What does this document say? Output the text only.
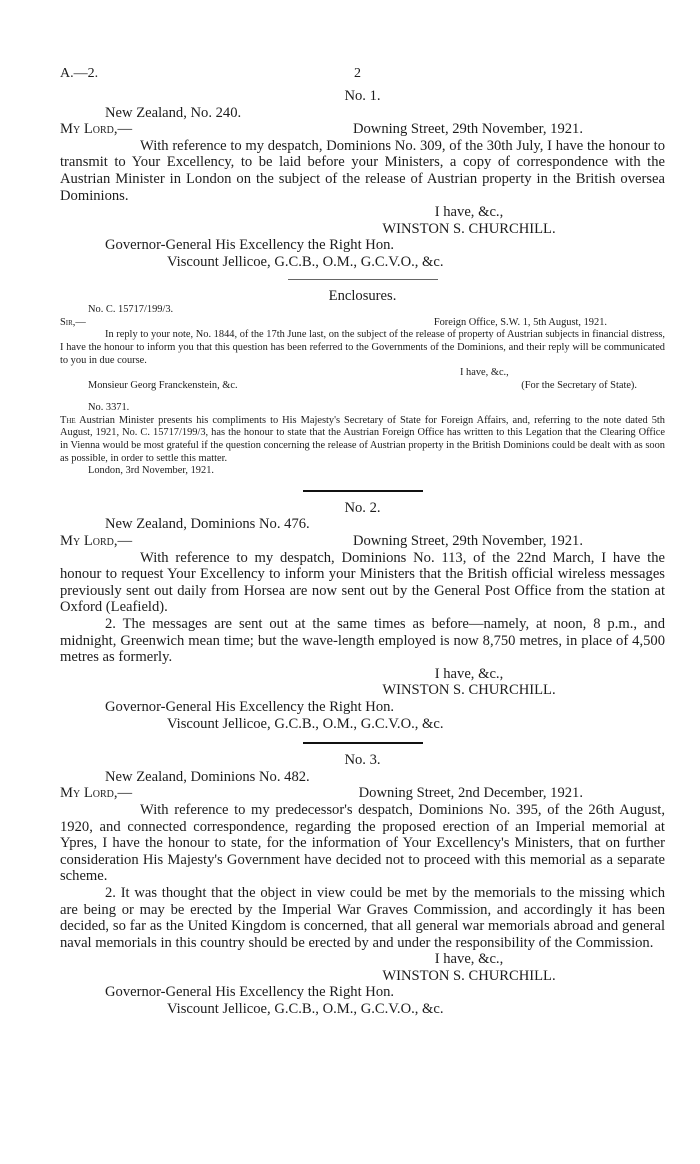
A.—2.	2
No. 1.
New Zealand, No. 240.
My Lord,—	Downing Street, 29th November, 1921.
With reference to my despatch, Dominions No. 309, of the 30th July, I have the honour to transmit to Your Excellency, to be laid before your Ministers, a copy of correspondence with the Austrian Minister in London on the subject of the release of Austrian property in the British oversea Dominions.
I have, &c.,
WINSTON S. CHURCHILL.
Governor-General His Excellency the Right Hon.
Viscount Jellicoe, G.C.B., O.M., G.C.V.O., &c.
Enclosures.
No. C. 15717/199/3.
Sir,—	Foreign Office, S.W. 1, 5th August, 1921.
In reply to your note, No. 1844, of the 17th June last, on the subject of the release of property of Austrian subjects in financial distress, I have the honour to inform you that this question has been referred to the Governments of the Dominions, and their reply will be communicated to you in due course.
I have, &c.,
Monsieur Georg Franckenstein, &c.	(For the Secretary of State).
No. 3371.
The Austrian Minister presents his compliments to His Majesty's Secretary of State for Foreign Affairs, and, referring to the note dated 5th August, 1921, No. C. 15717/199/3, has the honour to state that the Austrian Foreign Office has written to this Legation that the Clearing Office in Vienna would be most grateful if the question concerning the release of Austrian property in the British Dominions could be dealt with as soon as possible, in order to settle this matter.
London, 3rd November, 1921.
No. 2.
New Zealand, Dominions No. 476.
My Lord,—	Downing Street, 29th November, 1921.
With reference to my despatch, Dominions No. 113, of the 22nd March, I have the honour to request Your Excellency to inform your Ministers that the British official wireless messages previously sent out daily from Horsea are now sent out by the General Post Office from the station at Oxford (Leafield).
2. The messages are sent out at the same times as before—namely, at noon, 8 p.m., and midnight, Greenwich mean time; but the wave-length employed is now 8,750 metres, in place of 4,500 metres as formerly.
I have, &c.,
WINSTON S. CHURCHILL.
Governor-General His Excellency the Right Hon.
Viscount Jellicoe, G.C.B., O.M., G.C.V.O., &c.
No. 3.
New Zealand, Dominions No. 482.
My Lord,—	Downing Street, 2nd December, 1921.
With reference to my predecessor's despatch, Dominions No. 395, of the 26th August, 1920, and connected correspondence, regarding the proposed erection of an Imperial memorial at Ypres, I have the honour to state, for the information of Your Excellency's Ministers, that on further consideration His Majesty's Government have decided not to proceed with this memorial as a separate scheme.
2. It was thought that the object in view could be met by the memorials to the missing which are being or may be erected by the Imperial War Graves Commission, and accordingly it has been decided, so far as the United Kingdom is concerned, that all general war memorials abroad and general naval memorials in this country should be erected by and under the responsibility of the Commission.
I have, &c.,
WINSTON S. CHURCHILL.
Governor-General His Excellency the Right Hon.
Viscount Jellicoe, G.C.B., O.M., G.C.V.O., &c.
